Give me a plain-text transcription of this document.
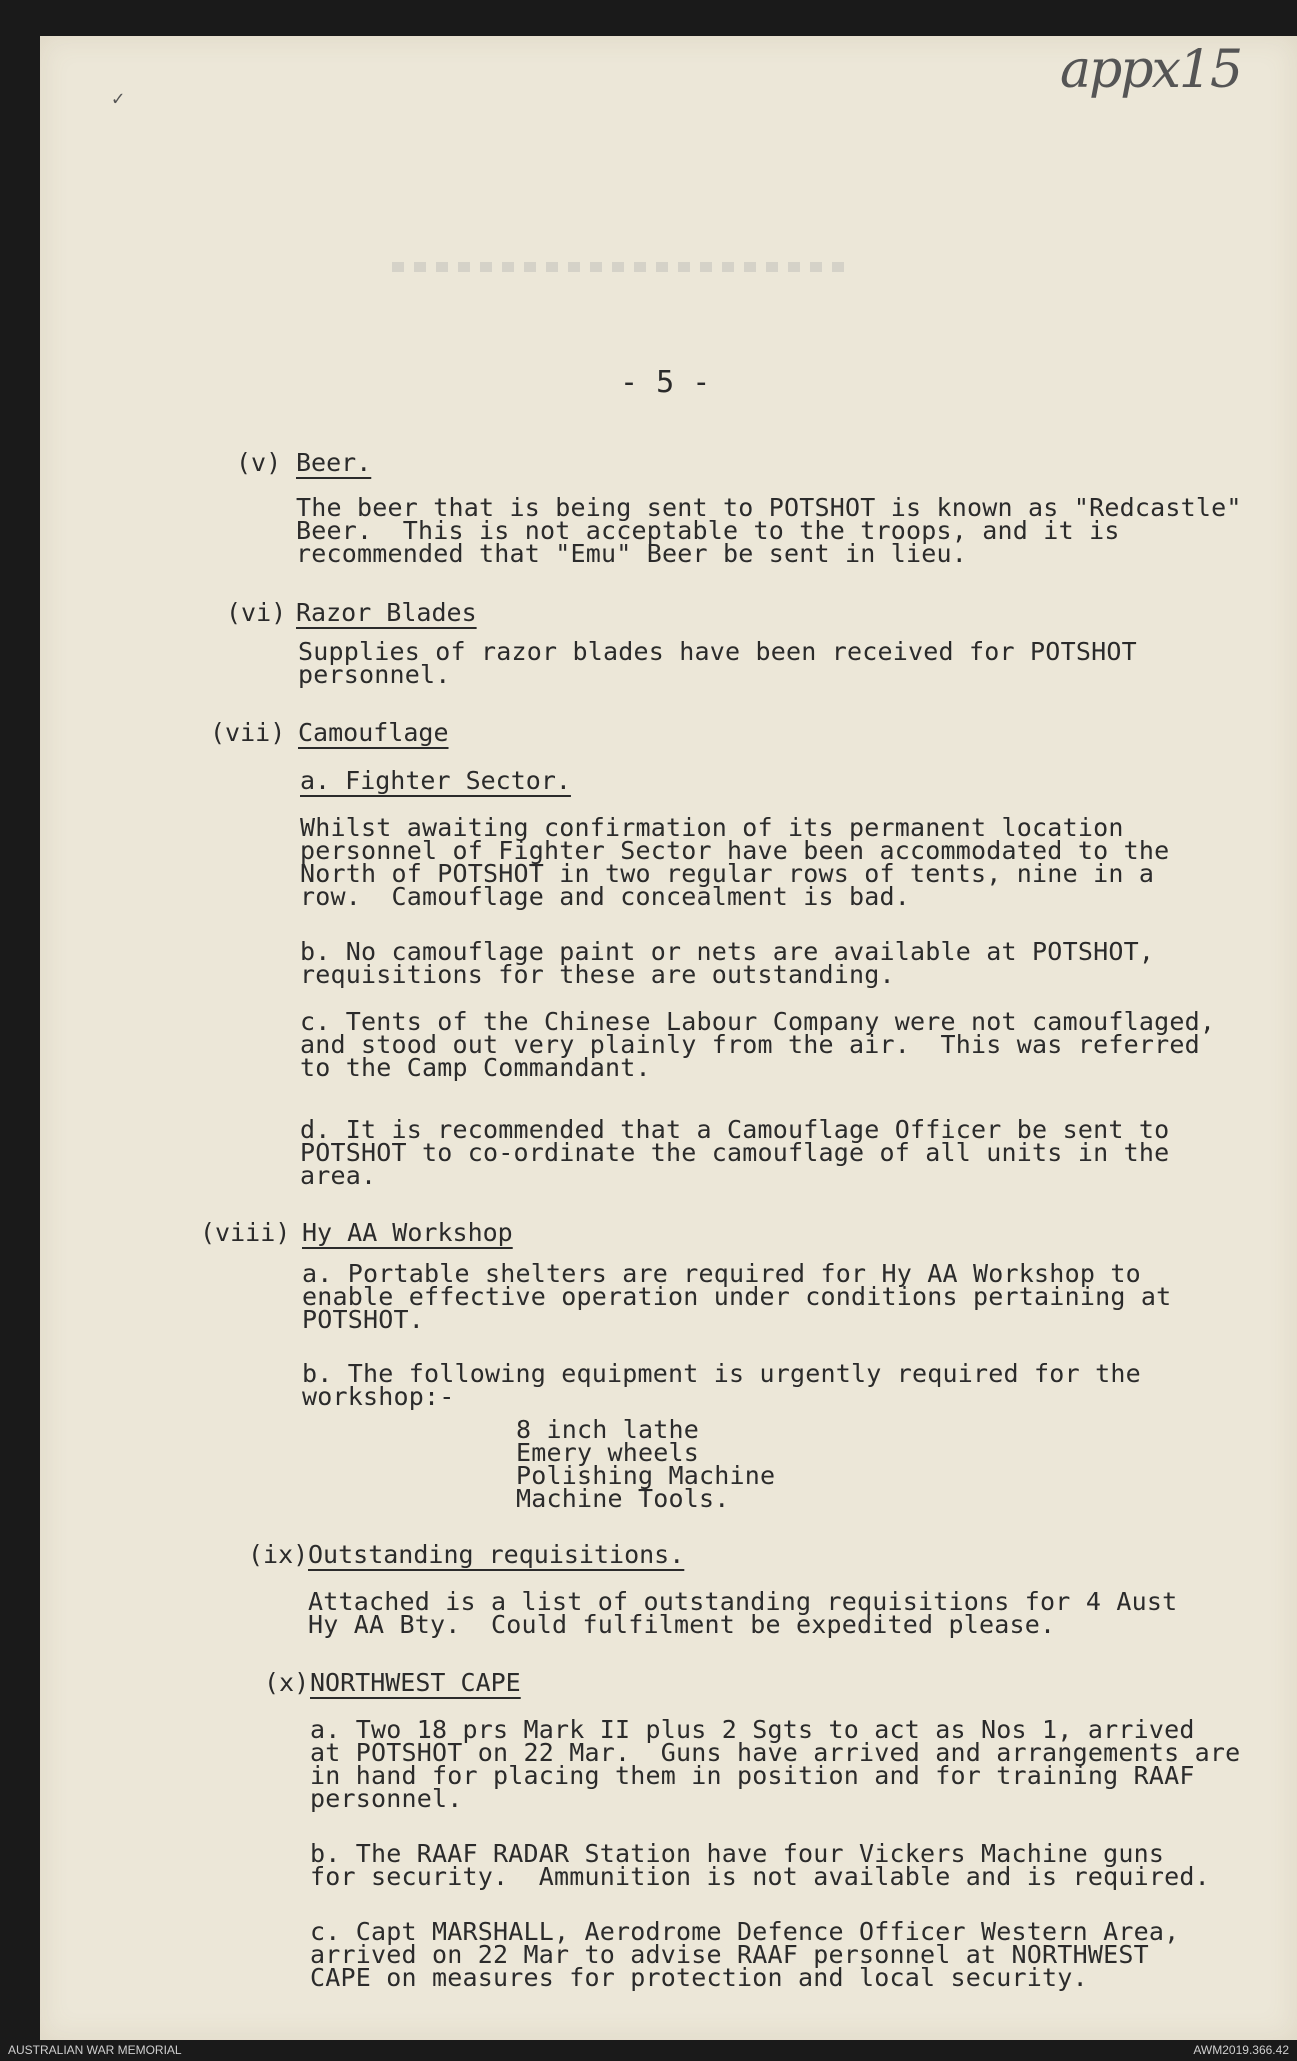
appx15
✓
- 5 -
(v) Beer.
The beer that is being sent to POTSHOT is known as "Redcastle"
Beer.  This is not acceptable to the troops, and it is
recommended that "Emu" Beer be sent in lieu.
(vi) Razor Blades
Supplies of razor blades have been received for POTSHOT
personnel.
(vii) Camouflage
a. Fighter Sector.
Whilst awaiting confirmation of its permanent location
personnel of Fighter Sector have been accommodated to the
North of POTSHOT in two regular rows of tents, nine in a
row.  Camouflage and concealment is bad.
b. No camouflage paint or nets are available at POTSHOT,
requisitions for these are outstanding.
c. Tents of the Chinese Labour Company were not camouflaged,
and stood out very plainly from the air.  This was referred
to the Camp Commandant.
d. It is recommended that a Camouflage Officer be sent to
POTSHOT to co-ordinate the camouflage of all units in the
area.
(viii) Hy AA Workshop
a. Portable shelters are required for Hy AA Workshop to
enable effective operation under conditions pertaining at
POTSHOT.
b. The following equipment is urgently required for the
workshop:-
8 inch lathe
Emery wheels
Polishing Machine
Machine Tools.
(ix) Outstanding requisitions.
Attached is a list of outstanding requisitions for 4 Aust
Hy AA Bty.  Could fulfilment be expedited please.
(x) NORTHWEST CAPE
a. Two 18 prs Mark II plus 2 Sgts to act as Nos 1, arrived
at POTSHOT on 22 Mar.  Guns have arrived and arrangements are
in hand for placing them in position and for training RAAF
personnel.
b. The RAAF RADAR Station have four Vickers Machine guns
for security.  Ammunition is not available and is required.
c. Capt MARSHALL, Aerodrome Defence Officer Western Area,
arrived on 22 Mar to advise RAAF personnel at NORTHWEST
CAPE on measures for protection and local security.
AUSTRALIAN WAR MEMORIAL	AWM2019.366.42
